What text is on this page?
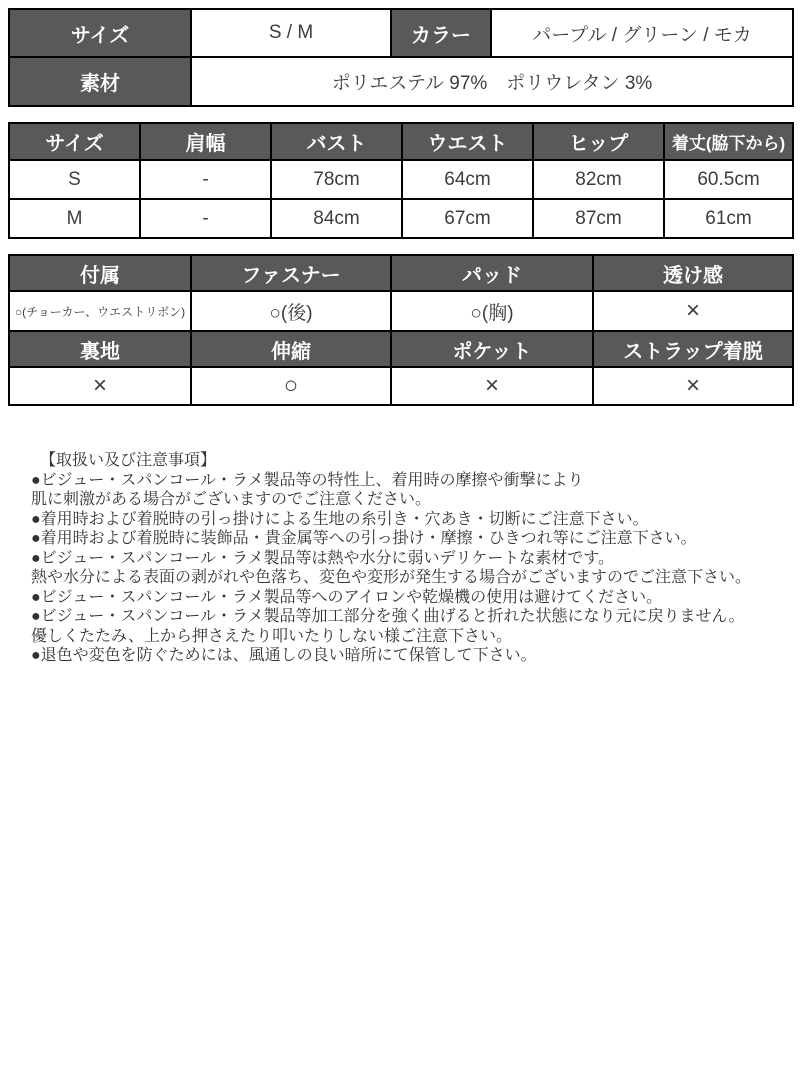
サイズ	S / M	カラー	パープル / グリーン / モカ
素材	ポリエステル 97%　ポリウレタン 3%		
サイズ	肩幅	バスト	ウエスト	ヒップ	着丈(脇下から)
S	-	78cm	64cm	82cm	60.5cm
M	-	84cm	67cm	87cm	61cm
付属	ファスナー	パッド	透け感
○(チョーカー、ウエストリボン)	○(後)	○(胸)	×
裏地	伸縮	ポケット	ストラップ着脱
×	○	×	×
【取扱い及び注意事項】
●ビジュー・スパンコール・ラメ製品等の特性上、着用時の摩擦や衝撃により
肌に刺激がある場合がございますのでご注意ください。
●着用時および着脱時の引っ掛けによる生地の糸引き・穴あき・切断にご注意下さい。
●着用時および着脱時に装飾品・貴金属等への引っ掛け・摩擦・ひきつれ等にご注意下さい。
●ビジュー・スパンコール・ラメ製品等は熱や水分に弱いデリケートな素材です。
熱や水分による表面の剥がれや色落ち、変色や変形が発生する場合がございますのでご注意下さい。
●ビジュー・スパンコール・ラメ製品等へのアイロンや乾燥機の使用は避けてください。
●ビジュー・スパンコール・ラメ製品等加工部分を強く曲げると折れた状態になり元に戻りません。
優しくたたみ、上から押さえたり叩いたりしない様ご注意下さい。
●退色や変色を防ぐためには、風通しの良い暗所にて保管して下さい。
